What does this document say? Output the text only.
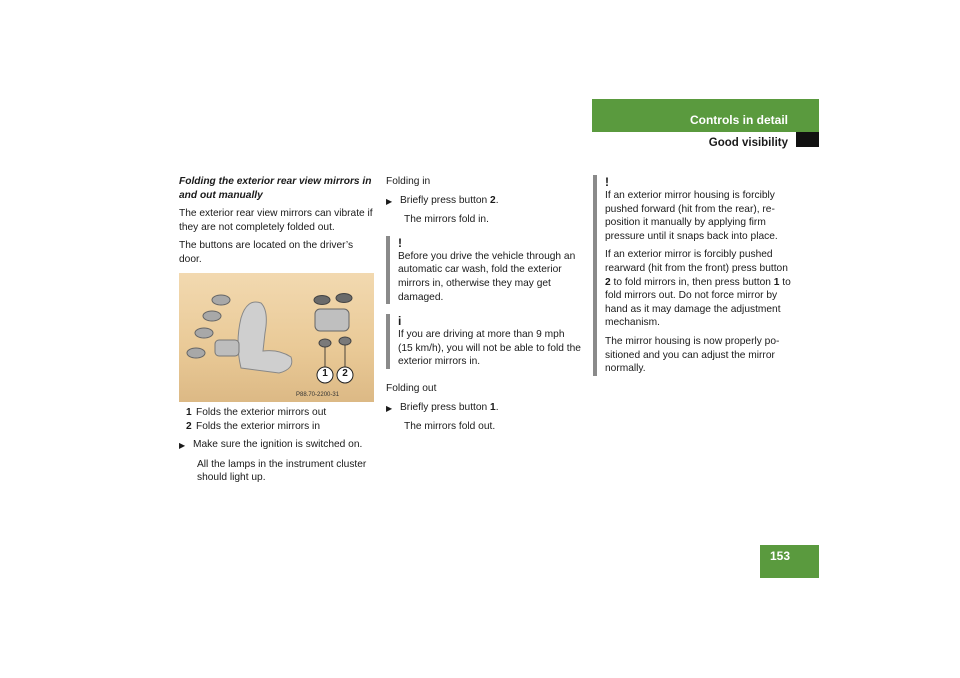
Controls in detail
Good visibility
Folding the exterior rear view mirrors in and out manually
The exterior rear view mirrors can vibrate if they are not completely folded out.
The buttons are located on the driver’s door.
1 2
P88.70-2200-31
1 Folds the exterior mirrors out
2 Folds the exterior mirrors in
▶ Make sure the ignition is switched on.
All the lamps in the instrument cluster should light up.
Folding in
▶ Briefly press button 2.
The mirrors fold in.
!
Before you drive the vehicle through an automatic car wash, fold the exterior mirrors in, otherwise they may get damaged.
i
If you are driving at more than 9 mph (15 km/h), you will not be able to fold the exterior mirrors in.
Folding out
▶ Briefly press button 1.
The mirrors fold out.
!
If an exterior mirror housing is forcibly pushed forward (hit from the rear), re-position it manually by applying firm pressure until it snaps back into place.
If an exterior mirror is forcibly pushed rearward (hit from the front) press button 2 to fold mirrors in, then press button 1 to fold mirrors out. Do not force mirror by hand as it may damage the adjustment mechanism.
The mirror housing is now properly po-sitioned and you can adjust the mirror normally.
153
